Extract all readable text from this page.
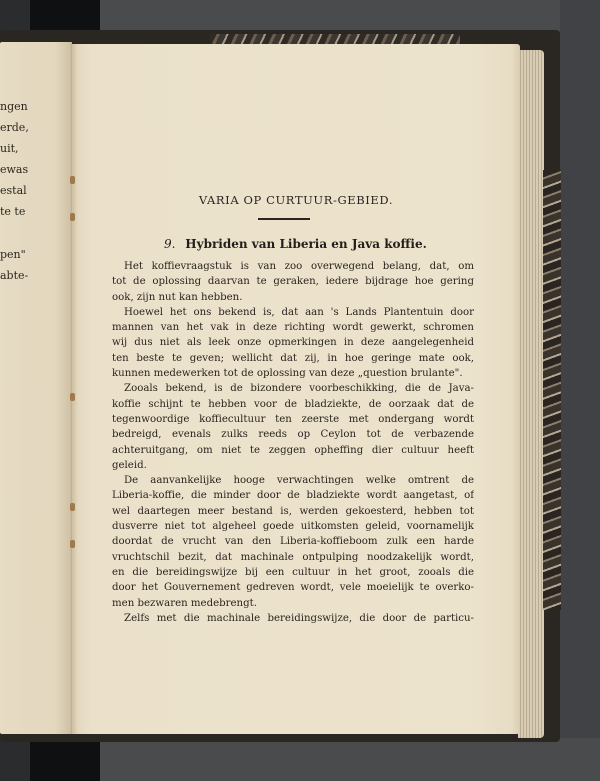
ngen
erde,
uit,
ewas
estal
te te
pen"
abte-
VARIA OP CURTUUR-GEBIED.
9. Hybriden van Liberia en Java koffie.
Het koffievraagstuk is van zoo overwegend belang, dat, om
tot de oplossing daarvan te geraken, iedere bijdrage hoe gering
ook, zijn nut kan hebben.
Hoewel het ons bekend is, dat aan 's Lands Plantentuin door
mannen van het vak in deze richting wordt gewerkt, schromen
wij dus niet als leek onze opmerkingen in deze aangelegenheid
ten beste te geven; wellicht dat zij, in hoe geringe mate ook,
kunnen medewerken tot de oplossing van deze „question brulante".
Zooals bekend, is de bizondere voorbeschikking, die de Java-
koffie schijnt te hebben voor de bladziekte, de oorzaak dat de
tegenwoordige koffiecultuur ten zeerste met ondergang wordt
bedreigd, evenals zulks reeds op Ceylon tot de verbazende
achteruitgang, om niet te zeggen opheffing dier cultuur heeft
geleid.
De aanvankelijke hooge verwachtingen welke omtrent de
Liberia-koffie, die minder door de bladziekte wordt aangetast, of
wel daartegen meer bestand is, werden gekoesterd, hebben tot
dusverre niet tot algeheel goede uitkomsten geleid, voornamelijk
doordat de vrucht van den Liberia-koffieboom zulk een harde
vruchtschil bezit, dat machinale ontpulping noodzakelijk wordt,
en die bereidingswijze bij een cultuur in het groot, zooals die
door het Gouvernement gedreven wordt, vele moeielijk te overko-
men bezwaren medebrengt.
Zelfs met die machinale bereidingswijze, die door de particu-
